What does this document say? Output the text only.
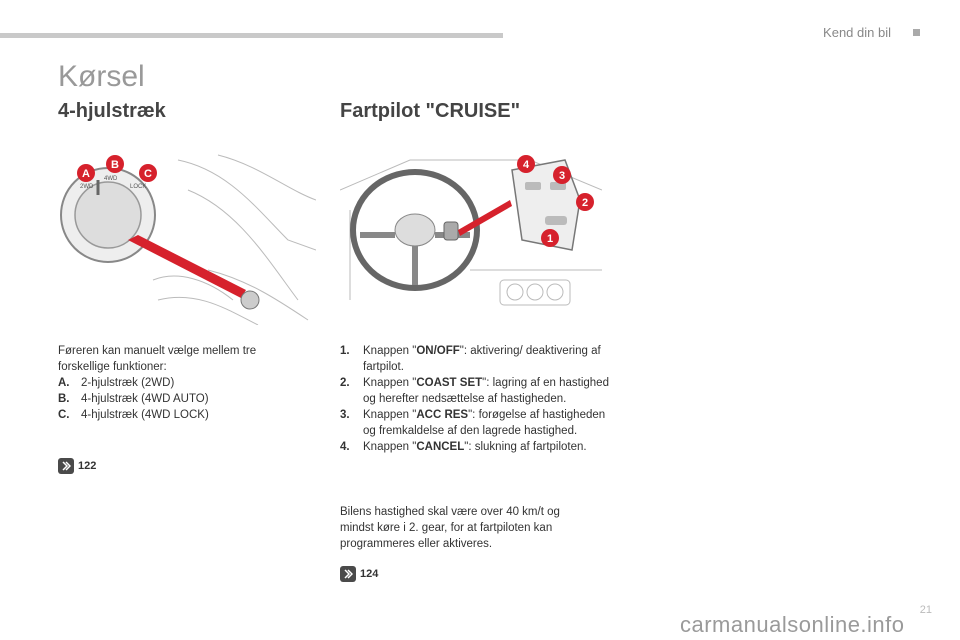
Kend din bil
Kørsel
4-hjulstræk	Fartpilot "CRUISE"
2WD
4WD
LOCK
A
B
C
1
2
3
4
Føreren kan manuelt vælge mellem tre forskellige funktioner:
A.	2-hjulstræk (2WD)
B.	4-hjulstræk (4WD AUTO)
C.	4-hjulstræk (4WD LOCK)
122
1.	Knappen "ON/OFF": aktivering/ deaktivering af fartpilot.
2.	Knappen "COAST SET": lagring af en hastighed og herefter nedsættelse af hastigheden.
3.	Knappen "ACC RES": forøgelse af hastigheden og fremkaldelse af den lagrede hastighed.
4.	Knappen "CANCEL": slukning af fartpiloten.
Bilens hastighed skal være over 40 km/t og mindst køre i 2. gear, for at fartpiloten kan programmeres eller aktiveres.
124
21
carmanualsonline.info
